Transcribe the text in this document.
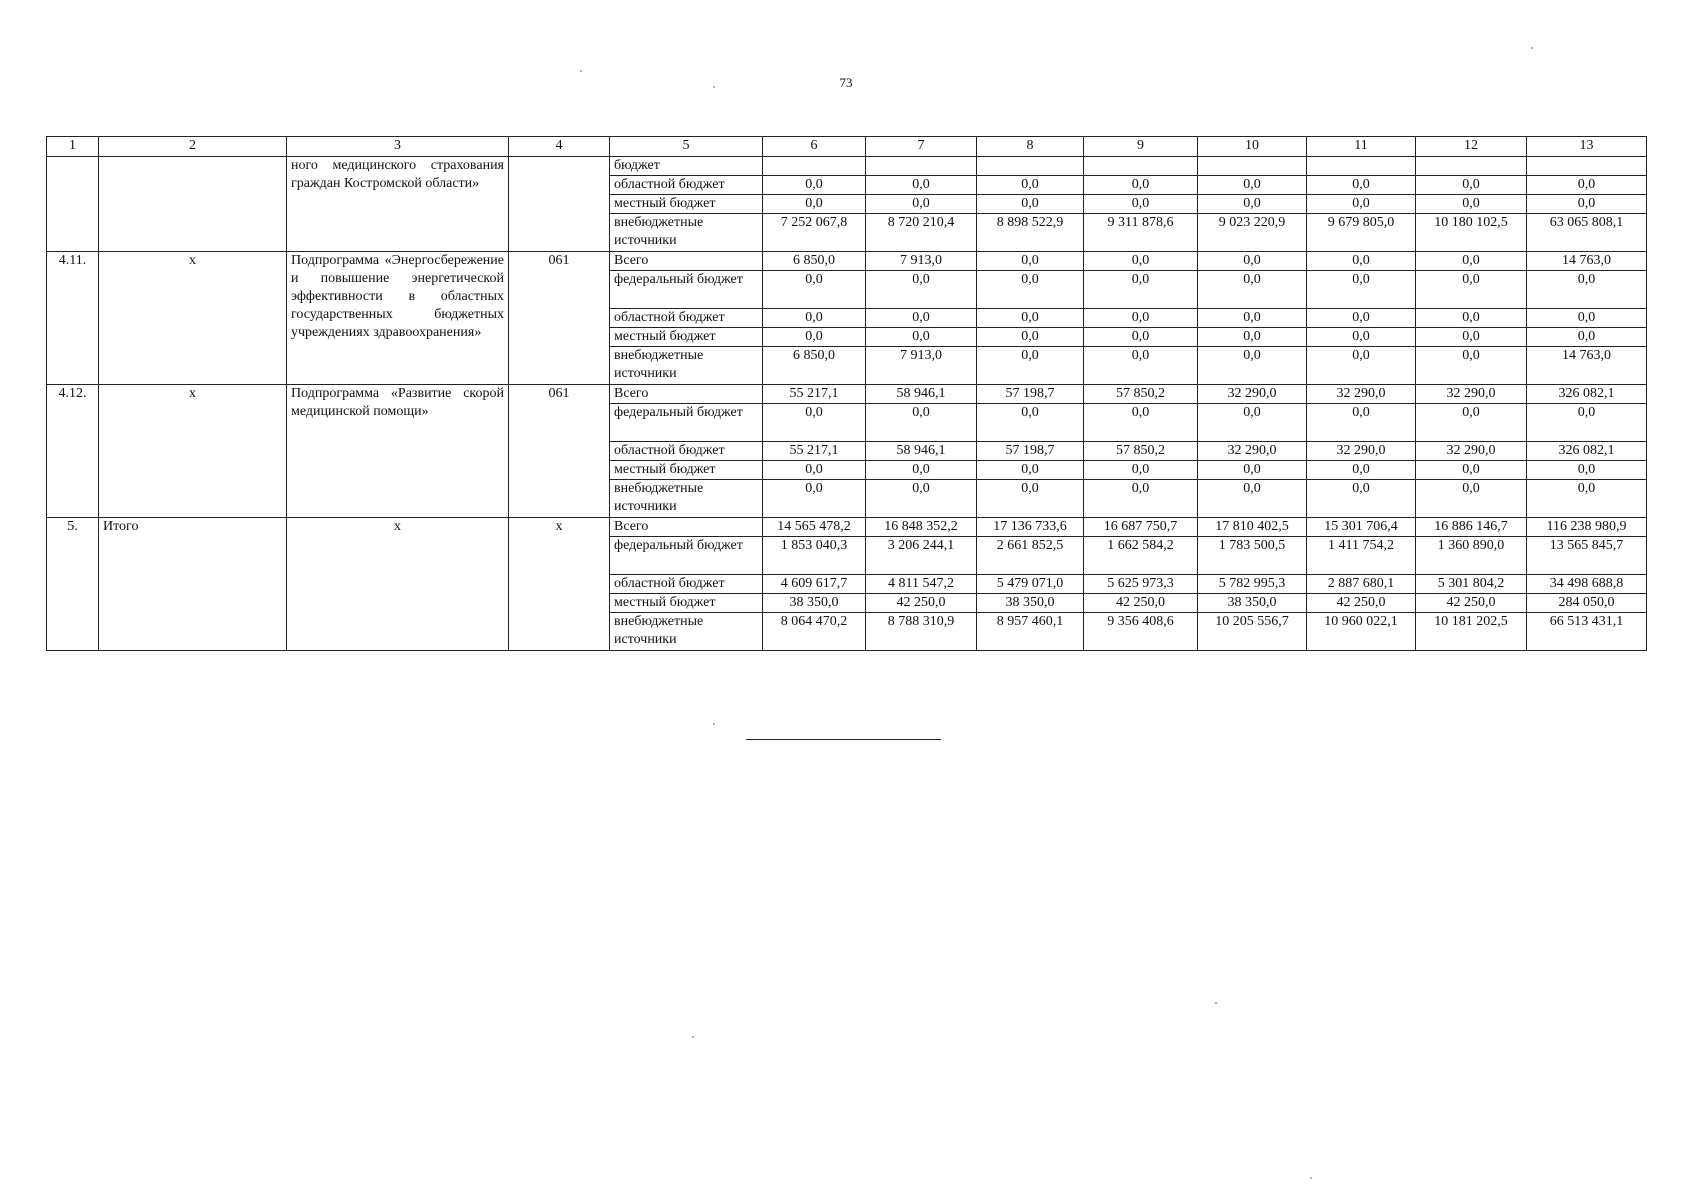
73
1	2	3	4	5	6	7	8	9	10	11	12	13
		ного медицинского страхования граждан Костромской области»		бюджет								
				областной бюджет	0,0	0,0	0,0	0,0	0,0	0,0	0,0	0,0
				местный бюджет	0,0	0,0	0,0	0,0	0,0	0,0	0,0	0,0
				внебюджетные источники	7 252 067,8	8 720 210,4	8 898 522,9	9 311 878,6	9 023 220,9	9 679 805,0	10 180 102,5	63 065 808,1
4.11.	х	Подпрограмма «Энергосбережение и повышение энергетической эффективности в областных государственных бюджетных учреждениях здравоохранения»	061	Всего	6 850,0	7 913,0	0,0	0,0	0,0	0,0	0,0	14 763,0
				федеральный бюджет	0,0	0,0	0,0	0,0	0,0	0,0	0,0	0,0
				областной бюджет	0,0	0,0	0,0	0,0	0,0	0,0	0,0	0,0
				местный бюджет	0,0	0,0	0,0	0,0	0,0	0,0	0,0	0,0
				внебюджетные источники	6 850,0	7 913,0	0,0	0,0	0,0	0,0	0,0	14 763,0
4.12.	х	Подпрограмма «Развитие скорой медицинской помощи»	061	Всего	55 217,1	58 946,1	57 198,7	57 850,2	32 290,0	32 290,0	32 290,0	326 082,1
				федеральный бюджет	0,0	0,0	0,0	0,0	0,0	0,0	0,0	0,0
				областной бюджет	55 217,1	58 946,1	57 198,7	57 850,2	32 290,0	32 290,0	32 290,0	326 082,1
				местный бюджет	0,0	0,0	0,0	0,0	0,0	0,0	0,0	0,0
				внебюджетные источники	0,0	0,0	0,0	0,0	0,0	0,0	0,0	0,0
5.	Итого	х	х	Всего	14 565 478,2	16 848 352,2	17 136 733,6	16 687 750,7	17 810 402,5	15 301 706,4	16 886 146,7	116 238 980,9
				федеральный бюджет	1 853 040,3	3 206 244,1	2 661 852,5	1 662 584,2	1 783 500,5	1 411 754,2	1 360 890,0	13 565 845,7
				областной бюджет	4 609 617,7	4 811 547,2	5 479 071,0	5 625 973,3	5 782 995,3	2 887 680,1	5 301 804,2	34 498 688,8
				местный бюджет	38 350,0	42 250,0	38 350,0	42 250,0	38 350,0	42 250,0	42 250,0	284 050,0
				внебюджетные источники	8 064 470,2	8 788 310,9	8 957 460,1	9 356 408,6	10 205 556,7	10 960 022,1	10 181 202,5	66 513 431,1
